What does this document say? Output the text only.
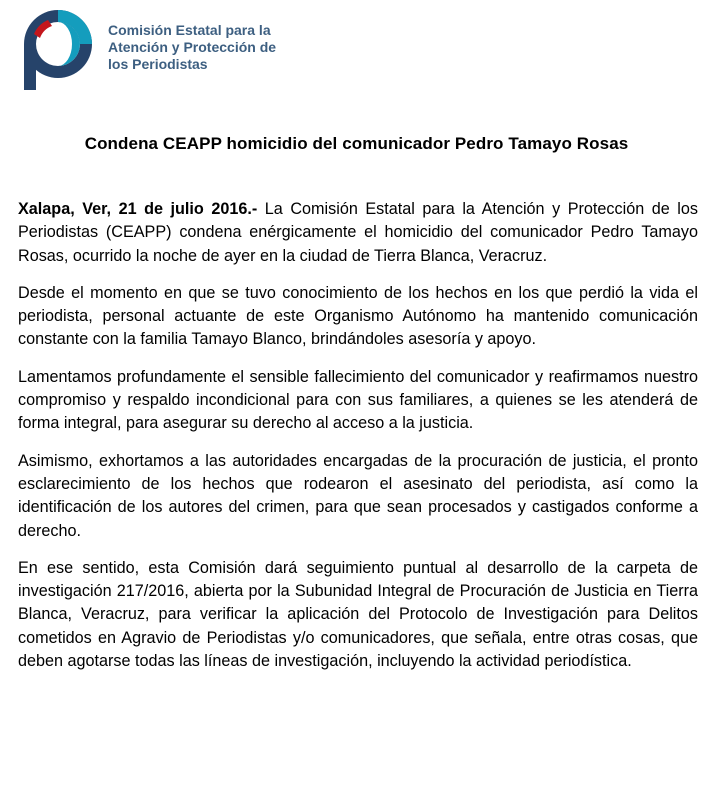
Comisión Estatal para la
Atención y Protección de
los Periodistas
Condena CEAPP homicidio del comunicador Pedro Tamayo Rosas

Xalapa, Ver, 21 de julio 2016.- La Comisión Estatal para la Atención y Protección de los Periodistas (CEAPP) condena enérgicamente el homicidio del comunicador Pedro Tamayo Rosas, ocurrido la noche de ayer en la ciudad de Tierra Blanca, Veracruz.

Desde el momento en que se tuvo conocimiento de los hechos en los que perdió la vida el periodista, personal actuante de este Organismo Autónomo ha mantenido comunicación constante con la familia Tamayo Blanco, brindándoles asesoría y apoyo.

Lamentamos profundamente el sensible fallecimiento del comunicador y reafirmamos nuestro compromiso y respaldo incondicional para con sus familiares, a quienes se les atenderá de forma integral, para asegurar su derecho al acceso a la justicia.

Asimismo, exhortamos a las autoridades encargadas de la procuración de justicia, el pronto esclarecimiento de los hechos que rodearon el asesinato del periodista, así como la identificación de los autores del crimen, para que sean procesados y castigados conforme a derecho.

En ese sentido, esta Comisión dará seguimiento puntual al desarrollo de la carpeta de investigación 217/2016, abierta por la Subunidad Integral de Procuración de Justicia en Tierra Blanca, Veracruz, para verificar la aplicación del Protocolo de Investigación para Delitos cometidos en Agravio de Periodistas y/o comunicadores, que señala, entre otras cosas, que deben agotarse todas las líneas de investigación, incluyendo la actividad periodística.
